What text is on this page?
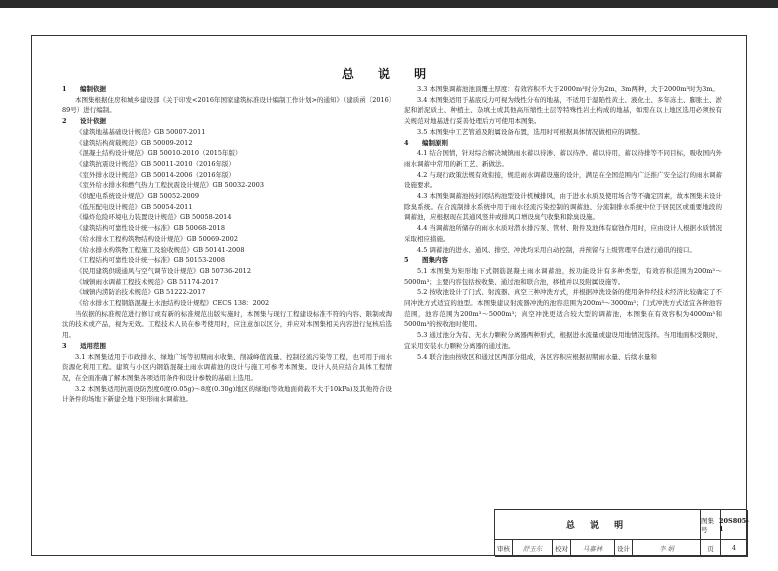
总 说 明
1 编制依据
本图集根据住房和城乡建设部《关于印发<2016年国家建筑标准设计编制工作计划>的通知》（建质函〔2016〕89号）进行编制。
2 设计依据
《建筑地基基础设计规范》GB 50007-2011
《建筑结构荷载规范》GB 50009-2012
《混凝土结构设计规范》GB 50010-2010（2015年版）
《建筑抗震设计规范》GB 50011-2010（2016年版）
《室外排水设计规范》GB 50014-2006（2016年版）
《室外给水排水和燃气热力工程抗震设计规范》GB 50032-2003
《供配电系统设计规范》GB 50052-2009
《低压配电设计规范》GB 50054-2011
《爆炸危险环境电力装置设计规范》GB 50058-2014
《建筑结构可靠性设计统一标准》GB 50068-2018
《给水排水工程构筑物结构设计规范》GB 50069-2002
《给水排水构筑物工程施工及验收规范》GB 50141-2008
《工程结构可靠性设计统一标准》GB 50153-2008
《民用建筑供暖通风与空气调节设计规范》GB 50736-2012
《城镇雨水调蓄工程技术规范》GB 51174-2017
《城镇内涝防治技术规范》GB 51222-2017
《给水排水工程钢筋混凝土水池结构设计规程》CECS 138：2002
当依据的标准规范进行修订或有新的标准规范出版实施时，本图集与现行工程建设标准不符的内容、限制或淘汰的技术或产品，视为无效。工程技术人员在参考使用时，应注意加以区分，并应对本图集相关内容进行复核后选用。
3 适用范围
3.1 本图集适用于市政排水、绿地广场等初期雨水收集、削减峰值流量、控制径流污染等工程，也可用于雨水资源化利用工程。建筑与小区内钢筋混凝土雨水调蓄池的设计与施工可参考本图集。设计人员应结合具体工程情况，在全面准确了解本图集各项适用条件和设计参数的基础上选用。
3.2 本图集适用抗震设防烈度6度(0.05g)～8度(0.30g)地区的绿地(等效地面荷载不大于10kPa)及其他符合设计条件的场地下新建全地下矩形雨水调蓄池。
3.3 本图集调蓄池池顶覆土厚度：有效容积不大于2000m³时分为2m、3m两种，大于2000m³时为3m。
3.4 本图集适用于基底反力可视为线性分布的地基，不适用于湿陷性黄土、液化土、多年冻土、膨胀土、淤泥和淤泥质土、种植土、杂填土或其他高压缩性土层等特殊性岩土构成的地基，如需在以上地区选用必须按有关规范对地基进行妥善处理后方可使用本图集。
3.5 本图集中工艺管道及附属设备布置，选用时可根据具体情况做相应的调整。
4 编制原则
4.1 结合国情，针对综合解决城镇雨水蓄以待渗、蓄以待净、蓄以待用，蓄以待排等不同目标，吸收国内外雨水调蓄中常用的新工艺、新做法。
4.2 与现行政策法规有效衔接，规范雨水调蓄设施的设计，满足在全国范围内广泛推广安全运行的雨水调蓄设施要求。
4.3 本图集调蓄池按封闭结构池型设计机械排风，由于进水水质及使用场合等不确定因素，故本图集未设计除臭系统。在合流制排水系统中用于雨水径流污染控制的调蓄池、分流制排水系统中位于居民区或重要地段的调蓄池，应根据现在其通风竖井或排风口增设臭气收集和除臭设施。
4.4 当调蓄池所储存的雨水水质对潜水排污泵、管材、附件及池体有腐蚀作用时，应由设计人根据水质情况采取相应措施。
4.5 调蓄池的进水、通风、排空、冲洗均采用自动控制，并预留与上级管理平台进行通讯的接口。
5 图集内容
5.1 本图集为矩形地下式钢筋混凝土雨水调蓄池，按功能设计有多种类型，有效容积范围为200m³～5000m³；主要内容包括按收集、通过池和联合池，移植并以及附属设施等。
5.2 按收池设计了门式、射流器、真空三种冲洗方式，并根据冲洗设备的使用条件经技术经济比较确定了不同冲洗方式适宜的池型。本图集建议射流器冲洗的池容范围为200m³～3000m³；门式冲洗方式适宜各种池容范围，池容范围为200m³～5000m³；真空冲洗更适合较大型的调蓄池，本图集在有效容积为4000m³和5000m³的按收池时使用。
5.3 通过池分为有、无水力颗粒分离器两种形式，根据进水流量或建设用地情况选择。当用地面积受限时，宜采用安装水力颗粒分离器的通过池。
5.4 联合池由按收区和通过区两部分组成，各区容积应根据初期雨水量、后续水量和
总 说 明
图集号
20S805-1
审核	舒玉东	校对	马嘉林	设计	李 娟	页	4
